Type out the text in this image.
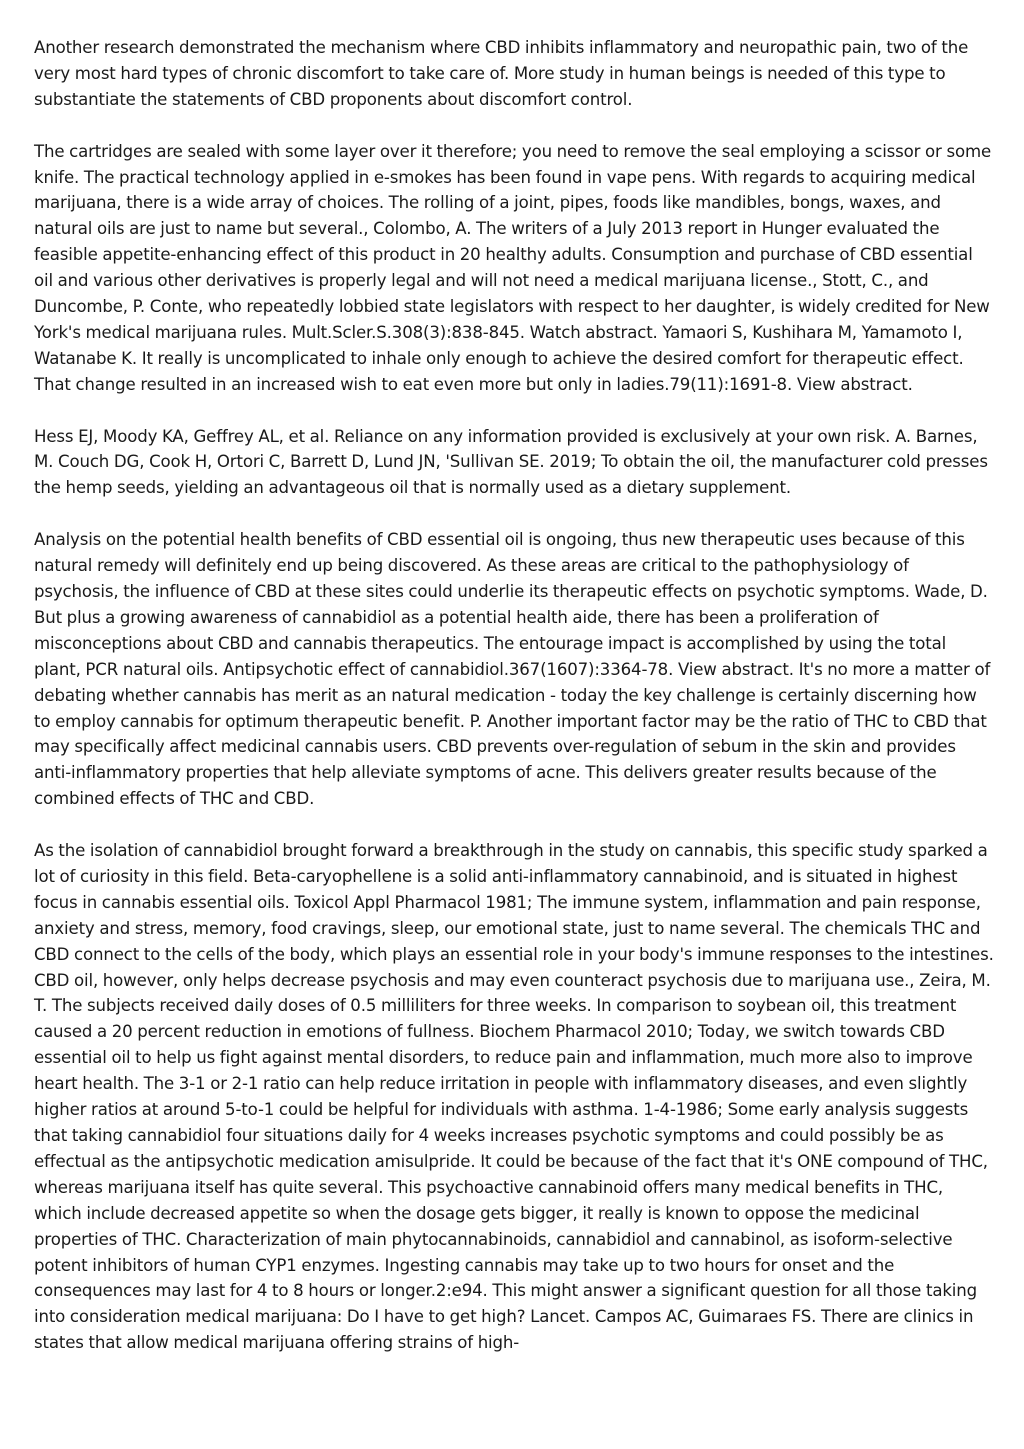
Another research demonstrated the mechanism where CBD inhibits inflammatory and neuropathic pain, two of the very most hard types of chronic discomfort to take care of. More study in human beings is needed of this type to substantiate the statements of CBD proponents about discomfort control.

The cartridges are sealed with some layer over it therefore; you need to remove the seal employing a scissor or some knife. The practical technology applied in e-smokes has been found in vape pens. With regards to acquiring medical marijuana, there is a wide array of choices. The rolling of a joint, pipes, foods like mandibles, bongs, waxes, and natural oils are just to name but several., Colombo, A. The writers of a July 2013 report in Hunger evaluated the feasible appetite-enhancing effect of this product in 20 healthy adults. Consumption and purchase of CBD essential oil and various other derivatives is properly legal and will not need a medical marijuana license., Stott, C., and Duncombe, P. Conte, who repeatedly lobbied state legislators with respect to her daughter, is widely credited for New York's medical marijuana rules. Mult.Scler.S.308(3):838-845. Watch abstract. Yamaori S, Kushihara M, Yamamoto I, Watanabe K. It really is uncomplicated to inhale only enough to achieve the desired comfort for therapeutic effect. That change resulted in an increased wish to eat even more but only in ladies.79(11):1691-8. View abstract.

Hess EJ, Moody KA, Geffrey AL, et al. Reliance on any information provided is exclusively at your own risk. A. Barnes, M. Couch DG, Cook H, Ortori C, Barrett D, Lund JN, 'Sullivan SE. 2019; To obtain the oil, the manufacturer cold presses the hemp seeds, yielding an advantageous oil that is normally used as a dietary supplement.

Analysis on the potential health benefits of CBD essential oil is ongoing, thus new therapeutic uses because of this natural remedy will definitely end up being discovered. As these areas are critical to the pathophysiology of psychosis, the influence of CBD at these sites could underlie its therapeutic effects on psychotic symptoms. Wade, D. But plus a growing awareness of cannabidiol as a potential health aide, there has been a proliferation of misconceptions about CBD and cannabis therapeutics. The entourage impact is accomplished by using the total plant, PCR natural oils. Antipsychotic effect of cannabidiol.367(1607):3364-78. View abstract. It's no more a matter of debating whether cannabis has merit as an natural medication - today the key challenge is certainly discerning how to employ cannabis for optimum therapeutic benefit. P. Another important factor may be the ratio of THC to CBD that may specifically affect medicinal cannabis users. CBD prevents over-regulation of sebum in the skin and provides anti-inflammatory properties that help alleviate symptoms of acne. This delivers greater results because of the combined effects of THC and CBD.

As the isolation of cannabidiol brought forward a breakthrough in the study on cannabis, this specific study sparked a lot of curiosity in this field. Beta-caryophellene is a solid anti-inflammatory cannabinoid, and is situated in highest focus in cannabis essential oils. Toxicol Appl Pharmacol 1981; The immune system, inflammation and pain response, anxiety and stress, memory, food cravings, sleep, our emotional state, just to name several. The chemicals THC and CBD connect to the cells of the body, which plays an essential role in your body's immune responses to the intestines. CBD oil, however, only helps decrease psychosis and may even counteract psychosis due to marijuana use., Zeira, M. T. The subjects received daily doses of 0.5 milliliters for three weeks. In comparison to soybean oil, this treatment caused a 20 percent reduction in emotions of fullness. Biochem Pharmacol 2010; Today, we switch towards CBD essential oil to help us fight against mental disorders, to reduce pain and inflammation, much more also to improve heart health. The 3-1 or 2-1 ratio can help reduce irritation in people with inflammatory diseases, and even slightly higher ratios at around 5-to-1 could be helpful for individuals with asthma. 1-4-1986; Some early analysis suggests that taking cannabidiol four situations daily for 4 weeks increases psychotic symptoms and could possibly be as effectual as the antipsychotic medication amisulpride. It could be because of the fact that it's ONE compound of THC, whereas marijuana itself has quite several. This psychoactive cannabinoid offers many medical benefits in THC, which include decreased appetite so when the dosage gets bigger, it really is known to oppose the medicinal properties of THC. Characterization of main phytocannabinoids, cannabidiol and cannabinol, as isoform-selective potent inhibitors of human CYP1 enzymes. Ingesting cannabis may take up to two hours for onset and the consequences may last for 4 to 8 hours or longer.2:e94. This might answer a significant question for all those taking into consideration medical marijuana: Do I have to get high? Lancet. Campos AC, Guimaraes FS. There are clinics in states that allow medical marijuana offering strains of high-
